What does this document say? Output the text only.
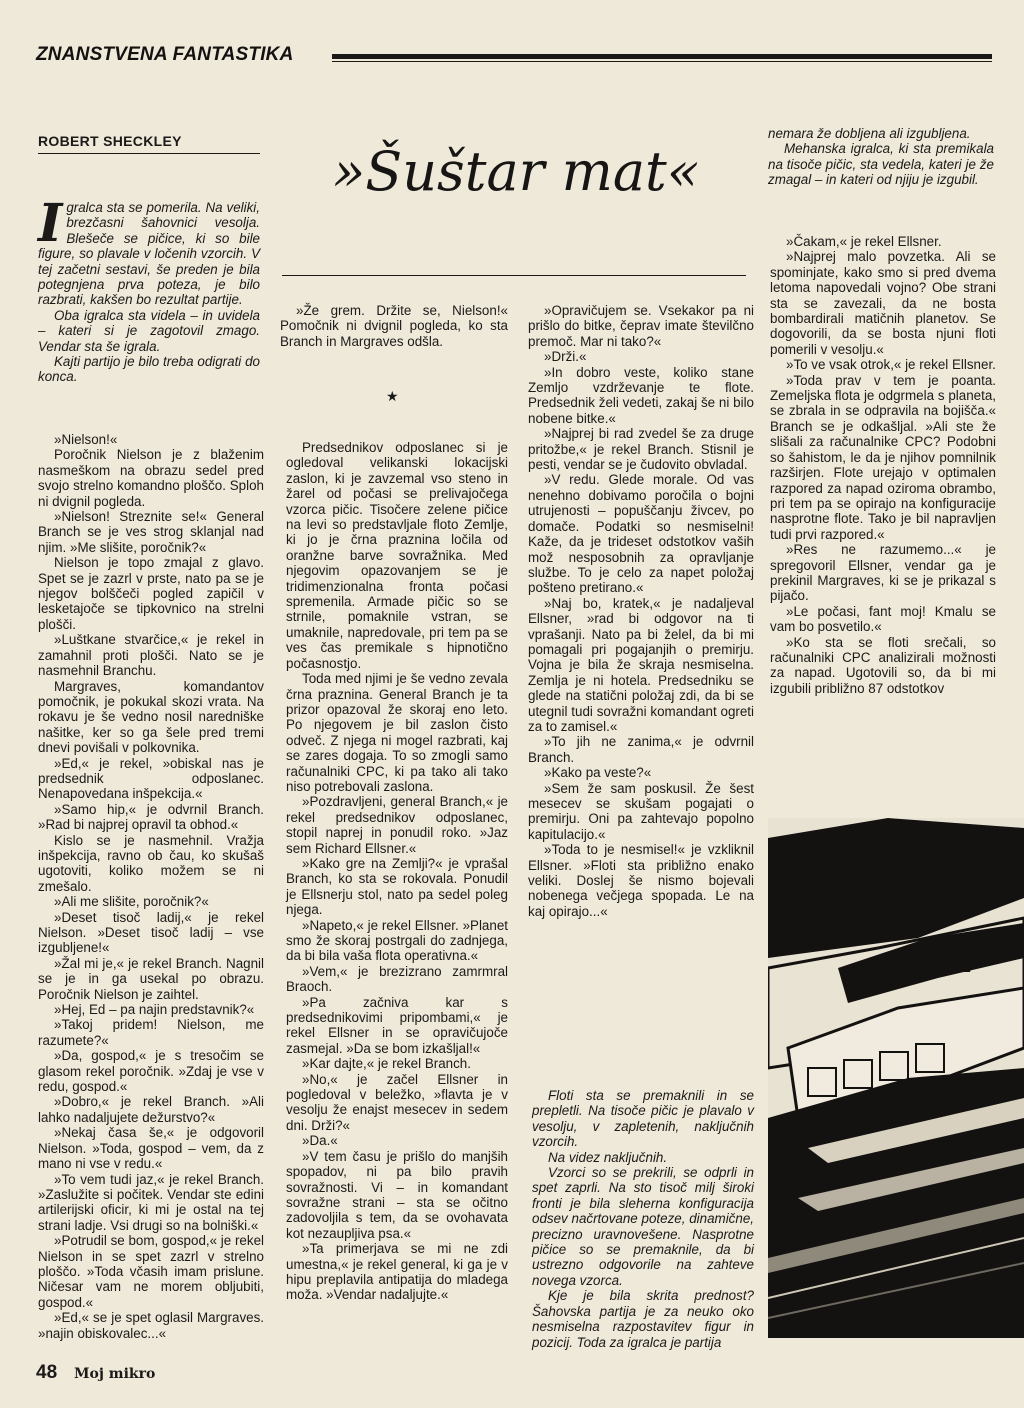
ZNANSTVENA FANTASTIKA
ROBERT SHECKLEY	»Šuštar mat«

Igralca sta se pomerila. Na veliki, brezčasni šahovnici vesolja. Blešeče se pičice, ki so bile figure, so plavale v ločenih vzorcih. V tej začetni sestavi, še preden je bila potegnjena prva poteza, je bilo razbrati, kakšen bo rezultat partije.

Oba igralca sta videla – in uvidela – kateri si je zagotovil zmago. Vendar sta še igrala.

Kajti partijo je bilo treba odigrati do konca.

»Nielson!«

Poročnik Nielson je z blaženim nasmeškom na obrazu sedel pred svojo strelno komandno ploščo. Sploh ni dvignil pogleda.

»Nielson! Streznite se!« General Branch se je ves strog sklanjal nad njim. »Me slišite, poročnik?«

Nielson je topo zmajal z glavo. Spet se je zazrl v prste, nato pa se je njegov bolščeči pogled zapičil v lesketajoče se tipkovnico na strelni plošči.

»Luštkane stvarčice,« je rekel in zamahnil proti plošči. Nato se je nasmehnil Branchu.

Margraves, komandantov pomočnik, je pokukal skozi vrata. Na rokavu je še vedno nosil naredniške našitke, ker so ga šele pred tremi dnevi povišali v polkovnika.

»Ed,« je rekel, »obiskal nas je predsednik odposlanec. Nenapovedana inšpekcija.«

»Samo hip,« je odvrnil Branch. »Rad bi najprej opravil ta obhod.«

Kislo se je nasmehnil. Vražja inšpekcija, ravno ob čau, ko skušaš ugotoviti, koliko možem se ni zmešalo.

»Ali me slišite, poročnik?«

»Deset tisoč ladij,« je rekel Nielson. »Deset tisoč ladij – vse izgubljene!«

»Žal mi je,« je rekel Branch. Nagnil se je in ga usekal po obrazu. Poročnik Nielson je zaihtel.

»Hej, Ed – pa najin predstavnik?«

»Takoj pridem! Nielson, me razumete?«

»Da, gospod,« je s tresočim se glasom rekel poročnik. »Zdaj je vse v redu, gospod.«

»Dobro,« je rekel Branch. »Ali lahko nadaljujete dežurstvo?«

»Nekaj časa še,« je odgovoril Nielson. »Toda, gospod – vem, da z mano ni vse v redu.«

»To vem tudi jaz,« je rekel Branch. »Zaslužite si počitek. Vendar ste edini artilerijski oficir, ki mi je ostal na tej strani ladje. Vsi drugi so na bolniški.«

»Potrudil se bom, gospod,« je rekel Nielson in se spet zazrl v strelno ploščo. »Toda včasih imam prislune. Ničesar vam ne morem obljubiti, gospod.«

»Ed,« se je spet oglasil Margraves. »najin obiskovalec...«

»Že grem. Držite se, Nielson!« Pomočnik ni dvignil pogleda, ko sta Branch in Margraves odšla.

★

Predsednikov odposlanec si je ogledoval velikanski lokacijski zaslon, ki je zavzemal vso steno in žarel od počasi se prelivajočega vzorca pičic. Tisočere zelene pičice na levi so predstavljale floto Zemlje, ki jo je črna praznina ločila od oranžne barve sovražnika. Med njegovim opazovanjem se je tridimenzionalna fronta počasi spremenila. Armade pičic so se strnile, pomaknile vstran, se umaknile, napredovale, pri tem pa se ves čas premikale s hipnotično počasnostjo.

Toda med njimi je še vedno zevala črna praznina. General Branch je ta prizor opazoval že skoraj eno leto. Po njegovem je bil zaslon čisto odveč. Z njega ni mogel razbrati, kaj se zares dogaja. To so zmogli samo računalniki CPC, ki pa tako ali tako niso potrebovali zaslona.

»Pozdravljeni, general Branch,« je rekel predsednikov odposlanec, stopil naprej in ponudil roko. »Jaz sem Richard Ellsner.«

»Kako gre na Zemlji?« je vprašal Branch, ko sta se rokovala. Ponudil je Ellsnerju stol, nato pa sedel poleg njega.

»Napeto,« je rekel Ellsner. »Planet smo že skoraj postrgali do zadnjega, da bi bila vaša flota operativna.«

»Vem,« je brezizrano zamrmral Braoch.

»Pa začniva kar s predsednikovimi pripombami,« je rekel Ellsner in se opravičujoče zasmejal. »Da se bom izkašljal!«

»Kar dajte,« je rekel Branch.

»No,« je začel Ellsner in pogledoval v beležko, »flavta je v vesolju že enajst mesecev in sedem dni. Drži?«

»Da.«

»V tem času je prišlo do manjših spopadov, ni pa bilo pravih sovražnosti. Vi – in komandant sovražne strani – sta se očitno zadovoljila s tem, da se ovohavata kot nezaupljiva psa.«

»Ta primerjava se mi ne zdi umestna,« je rekel general, ki ga je v hipu preplavila antipatija do mladega moža. »Vendar nadaljujte.«

»Opravičujem se. Vsekakor pa ni prišlo do bitke, čeprav imate številčno premoč. Mar ni tako?«

»Drži.«

»In dobro veste, koliko stane Zemljo vzdrževanje te flote. Predsednik želi vedeti, zakaj še ni bilo nobene bitke.«

»Najprej bi rad zvedel še za druge pritožbe,« je rekel Branch. Stisnil je pesti, vendar se je čudovito obvladal.

»V redu. Glede morale. Od vas nenehno dobivamo poročila o bojni utrujenosti – popuščanju živcev, po domače. Podatki so nesmiselni! Kaže, da je trideset odstotkov vaših mož nesposobnih za opravljanje službe. To je celo za napet položaj pošteno pretirano.«

»Naj bo, kratek,« je nadaljeval Ellsner, »rad bi odgovor na ti vprašanji. Nato pa bi želel, da bi mi pomagali pri pogajanjih o premirju. Vojna je bila že skraja nesmiselna. Zemlja je ni hotela. Predsedniku se glede na statični položaj zdi, da bi se utegnil tudi sovražni komandant ogreti za to zamisel.«

»To jih ne zanima,« je odvrnil Branch.

»Kako pa veste?«

»Sem že sam poskusil. Že šest mesecev se skušam pogajati o premirju. Oni pa zahtevajo popolno kapitulacijo.«

»Toda to je nesmisel!« je vzkliknil Ellsner. »Floti sta približno enako veliki. Doslej še nismo bojevali nobenega večjega spopada. Le na kaj opirajo...«

Floti sta se premaknili in se prepletli. Na tisoče pičic je plavalo v vesolju, v zapletenih, naključnih vzorcih.

Na videz naključnih.

Vzorci so se prekrili, se odprli in spet zaprli. Na sto tisoč milj široki fronti je bila sleherna konfiguracija odsev načrtovane poteze, dinamične, precizno uravnovešene. Nasprotne pičice so se premaknile, da bi ustrezno odgovorile na zahteve novega vzorca.

Kje je bila skrita prednost? Šahovska partija je za neuko oko nesmiselna razpostavitev figur in pozicij. Toda za igralca je partija

nemara že dobljena ali izgubljena.

Mehanska igralca, ki sta premikala na tisoče pičic, sta vedela, kateri je že zmagal – in kateri od njiju je izgubil.

»Čakam,« je rekel Ellsner.

»Najprej malo povzetka. Ali se spominjate, kako smo si pred dvema letoma napovedali vojno? Obe strani sta se zavezali, da ne bosta bombardirali matičnih planetov. Se dogovorili, da se bosta njuni floti pomerili v vesolju.«

»To ve vsak otrok,« je rekel Ellsner.

»Toda prav v tem je poanta. Zemeljska flota je odgrmela s planeta, se zbrala in se odpravila na bojišča.« Branch se je odkašljal. »Ali ste že slišali za računalnike CPC? Podobni so šahistom, le da je njihov pomnilnik razširjen. Flote urejajo v optimalen razpored za napad oziroma obrambo, pri tem pa se opirajo na konfiguracije nasprotne flote. Tako je bil napravljen tudi prvi razpored.«

»Res ne razumemo...« je spregovoril Ellsner, vendar ga je prekinil Margraves, ki se je prikazal s pijačo.

»Le počasi, fant moj! Kmalu se vam bo posvetilo.«

»Ko sta se floti srečali, so računalniki CPC analizirali možnosti za napad. Ugotovili so, da bi mi izgubili približno 87 odstotkov

48 Moj mikro
